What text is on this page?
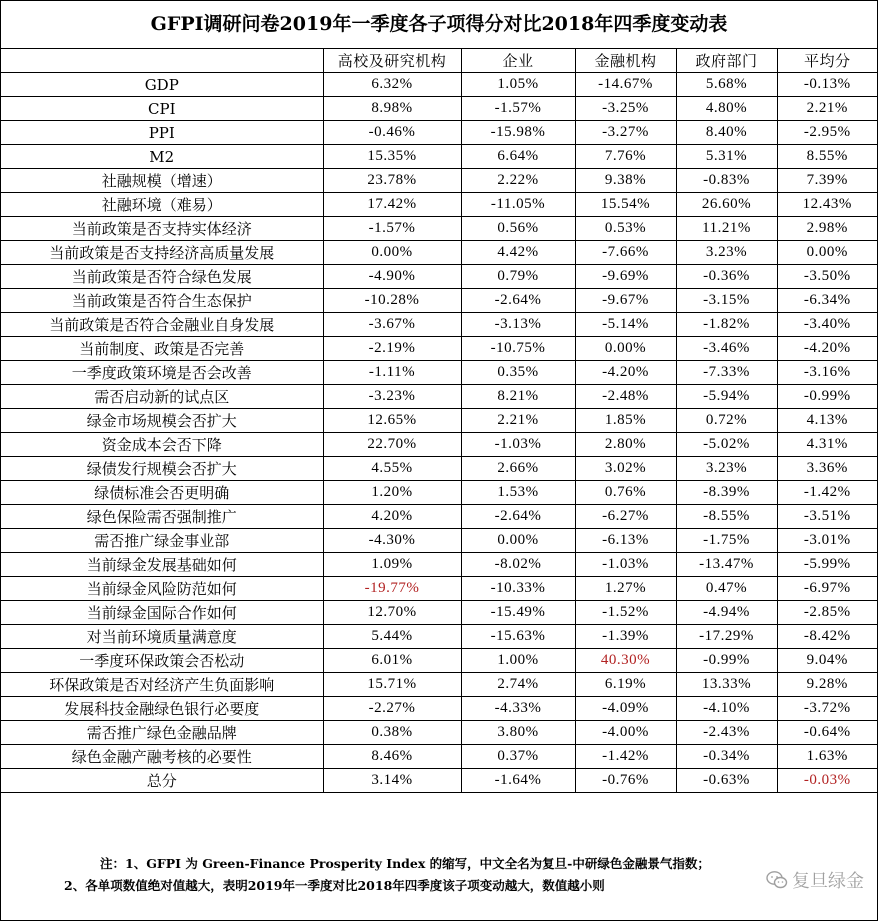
GFPI调研问卷2019年一季度各子项得分对比2018年四季度变动表
	高校及研究机构	企业	金融机构	政府部门	平均分
GDP	6.32%	1.05%	-14.67%	5.68%	-0.13%
CPI	8.98%	-1.57%	-3.25%	4.80%	2.21%
PPI	-0.46%	-15.98%	-3.27%	8.40%	-2.95%
M2	15.35%	6.64%	7.76%	5.31%	8.55%
社融规模（增速）	23.78%	2.22%	9.38%	-0.83%	7.39%
社融环境（难易）	17.42%	-11.05%	15.54%	26.60%	12.43%
当前政策是否支持实体经济	-1.57%	0.56%	0.53%	11.21%	2.98%
当前政策是否支持经济高质量发展	0.00%	4.42%	-7.66%	3.23%	0.00%
当前政策是否符合绿色发展	-4.90%	0.79%	-9.69%	-0.36%	-3.50%
当前政策是否符合生态保护	-10.28%	-2.64%	-9.67%	-3.15%	-6.34%
当前政策是否符合金融业自身发展	-3.67%	-3.13%	-5.14%	-1.82%	-3.40%
当前制度、政策是否完善	-2.19%	-10.75%	0.00%	-3.46%	-4.20%
一季度政策环境是否会改善	-1.11%	0.35%	-4.20%	-7.33%	-3.16%
需否启动新的试点区	-3.23%	8.21%	-2.48%	-5.94%	-0.99%
绿金市场规模会否扩大	12.65%	2.21%	1.85%	0.72%	4.13%
资金成本会否下降	22.70%	-1.03%	2.80%	-5.02%	4.31%
绿债发行规模会否扩大	4.55%	2.66%	3.02%	3.23%	3.36%
绿债标准会否更明确	1.20%	1.53%	0.76%	-8.39%	-1.42%
绿色保险需否强制推广	4.20%	-2.64%	-6.27%	-8.55%	-3.51%
需否推广绿金事业部	-4.30%	0.00%	-6.13%	-1.75%	-3.01%
当前绿金发展基础如何	1.09%	-8.02%	-1.03%	-13.47%	-5.99%
当前绿金风险防范如何	-19.77%	-10.33%	1.27%	0.47%	-6.97%
当前绿金国际合作如何	12.70%	-15.49%	-1.52%	-4.94%	-2.85%
对当前环境质量满意度	5.44%	-15.63%	-1.39%	-17.29%	-8.42%
一季度环保政策会否松动	6.01%	1.00%	40.30%	-0.99%	9.04%
环保政策是否对经济产生负面影响	15.71%	2.74%	6.19%	13.33%	9.28%
发展科技金融绿色银行必要度	-2.27%	-4.33%	-4.09%	-4.10%	-3.72%
需否推广绿色金融品牌	0.38%	3.80%	-4.00%	-2.43%	-0.64%
绿色金融产融考核的必要性	8.46%	0.37%	-1.42%	-0.34%	1.63%
总分	3.14%	-1.64%	-0.76%	-0.63%	-0.03%

注：1、GFPI 为 Green-Finance Prosperity Index 的缩写，中文全名为复旦-中研绿色金融景气指数；
2、各单项数值绝对值越大，表明2019年一季度对比2018年四季度该子项变动越大，数值越小则	复旦绿金
